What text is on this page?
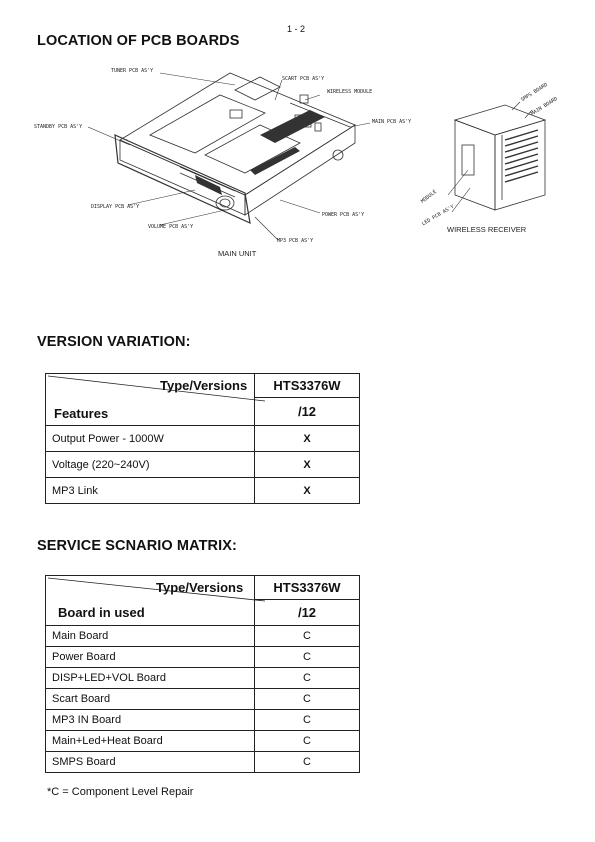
1 - 2
LOCATION OF PCB BOARDS
TUNER PCB AS'Y
SCART PCB AS'Y
WIRELESS MODULE
STANDBY PCB AS'Y
MAIN PCB AS'Y
DISPLAY PCB AS'Y
POWER PCB AS'Y
VOLUME PCB AS'Y
MP3 PCB AS'Y
MAIN UNIT
SMPS BOARD
MAIN BOARD
MODULE
LED PCB AS'Y
WIRELESS RECEIVER
VERSION VARIATION:
Type/Versions
Features	HTS3376W
	/12
Output Power - 1000W	X
Voltage (220~240V)	X
MP3 Link	X
SERVICE SCNARIO MATRIX:
Type/Versions
Board in used	HTS3376W
	/12
Main Board	C
Power Board	C
DISP+LED+VOL Board	C
Scart Board	C
MP3 IN Board	C
Main+Led+Heat Board	C
SMPS Board	C
*C = Component Level Repair
